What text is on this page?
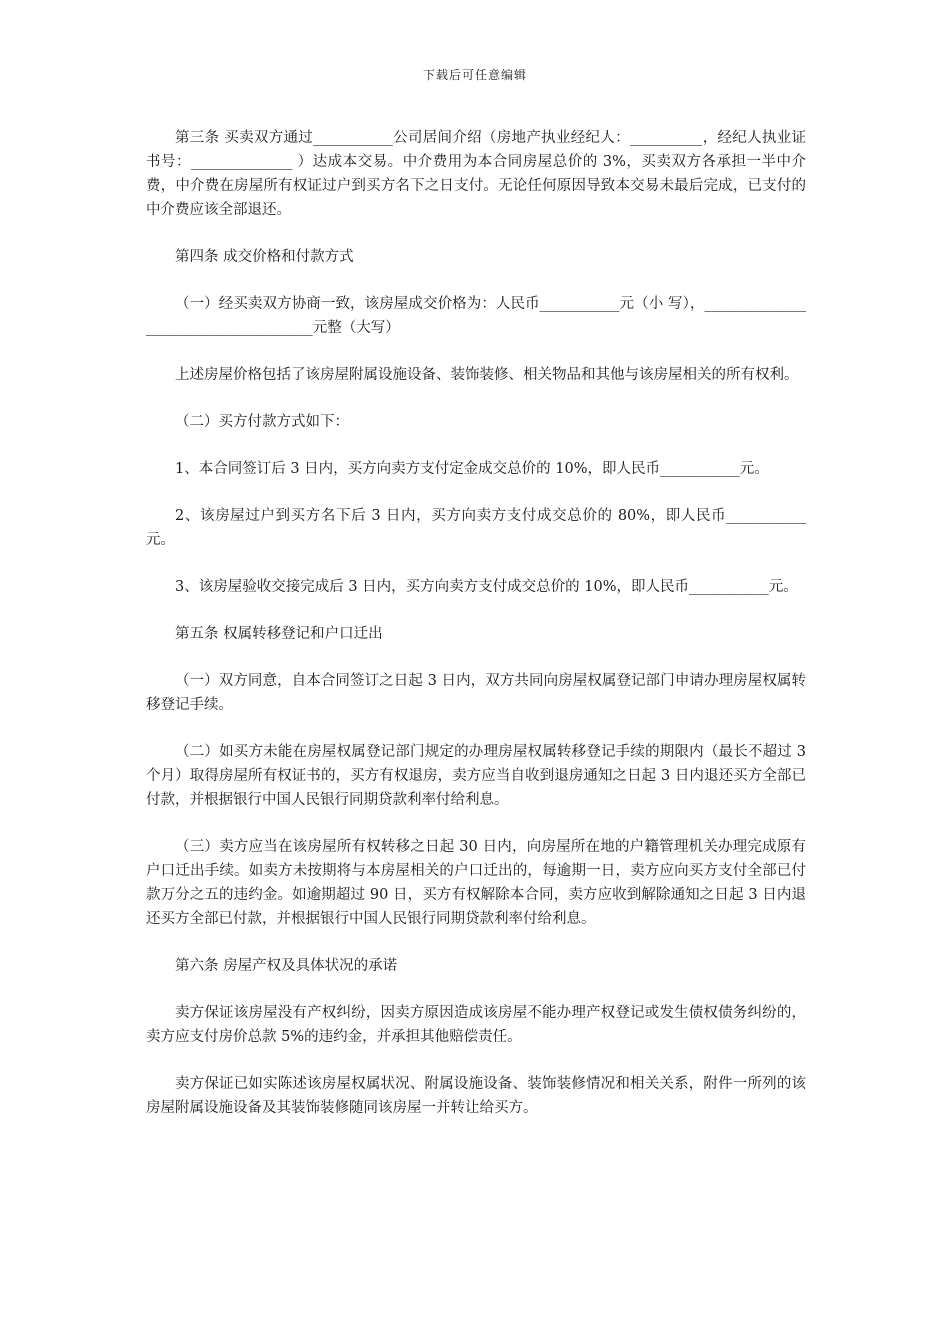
下载后可任意编辑

第三条 买卖双方通过___________公司居间介绍（房地产执业经纪人：__________，经纪人执业证书号：______________ ）达成本交易。中介费用为本合同房屋总价的 3%，买卖双方各承担一半中介费，中介费在房屋所有权证过户到买方名下之日支付。无论任何原因导致本交易未最后完成，已支付的中介费应该全部退还。

第四条 成交价格和付款方式

（一）经买卖双方协商一致，该房屋成交价格为：人民币___________元（小 写），_____________________________________元整（大写）

上述房屋价格包括了该房屋附属设施设备、装饰装修、相关物品和其他与该房屋相关的所有权利。

（二）买方付款方式如下：

1、本合同签订后 3 日内，买方向卖方支付定金成交总价的 10%，即人民币___________元。

2、该房屋过户到买方名下后 3 日内，买方向卖方支付成交总价的 80%，即人民币___________元。

3、该房屋验收交接完成后 3 日内，买方向卖方支付成交总价的 10%，即人民币___________元。

第五条 权属转移登记和户口迁出

（一）双方同意，自本合同签订之日起 3 日内，双方共同向房屋权属登记部门申请办理房屋权属转移登记手续。

（二）如买方未能在房屋权属登记部门规定的办理房屋权属转移登记手续的期限内（最长不超过 3 个月）取得房屋所有权证书的，买方有权退房，卖方应当自收到退房通知之日起 3 日内退还买方全部已付款，并根据银行中国人民银行同期贷款利率付给利息。

（三）卖方应当在该房屋所有权转移之日起 30 日内，向房屋所在地的户籍管理机关办理完成原有户口迁出手续。如卖方未按期将与本房屋相关的户口迁出的，每逾期一日，卖方应向买方支付全部已付款万分之五的违约金。如逾期超过 90 日，买方有权解除本合同，卖方应收到解除通知之日起 3 日内退还买方全部已付款，并根据银行中国人民银行同期贷款利率付给利息。

第六条 房屋产权及具体状况的承诺

卖方保证该房屋没有产权纠纷，因卖方原因造成该房屋不能办理产权登记或发生债权债务纠纷的，卖方应支付房价总款 5%的违约金，并承担其他赔偿责任。

卖方保证已如实陈述该房屋权属状况、附属设施设备、装饰装修情况和相关关系，附件一所列的该房屋附属设施设备及其装饰装修随同该房屋一并转让给买方。
